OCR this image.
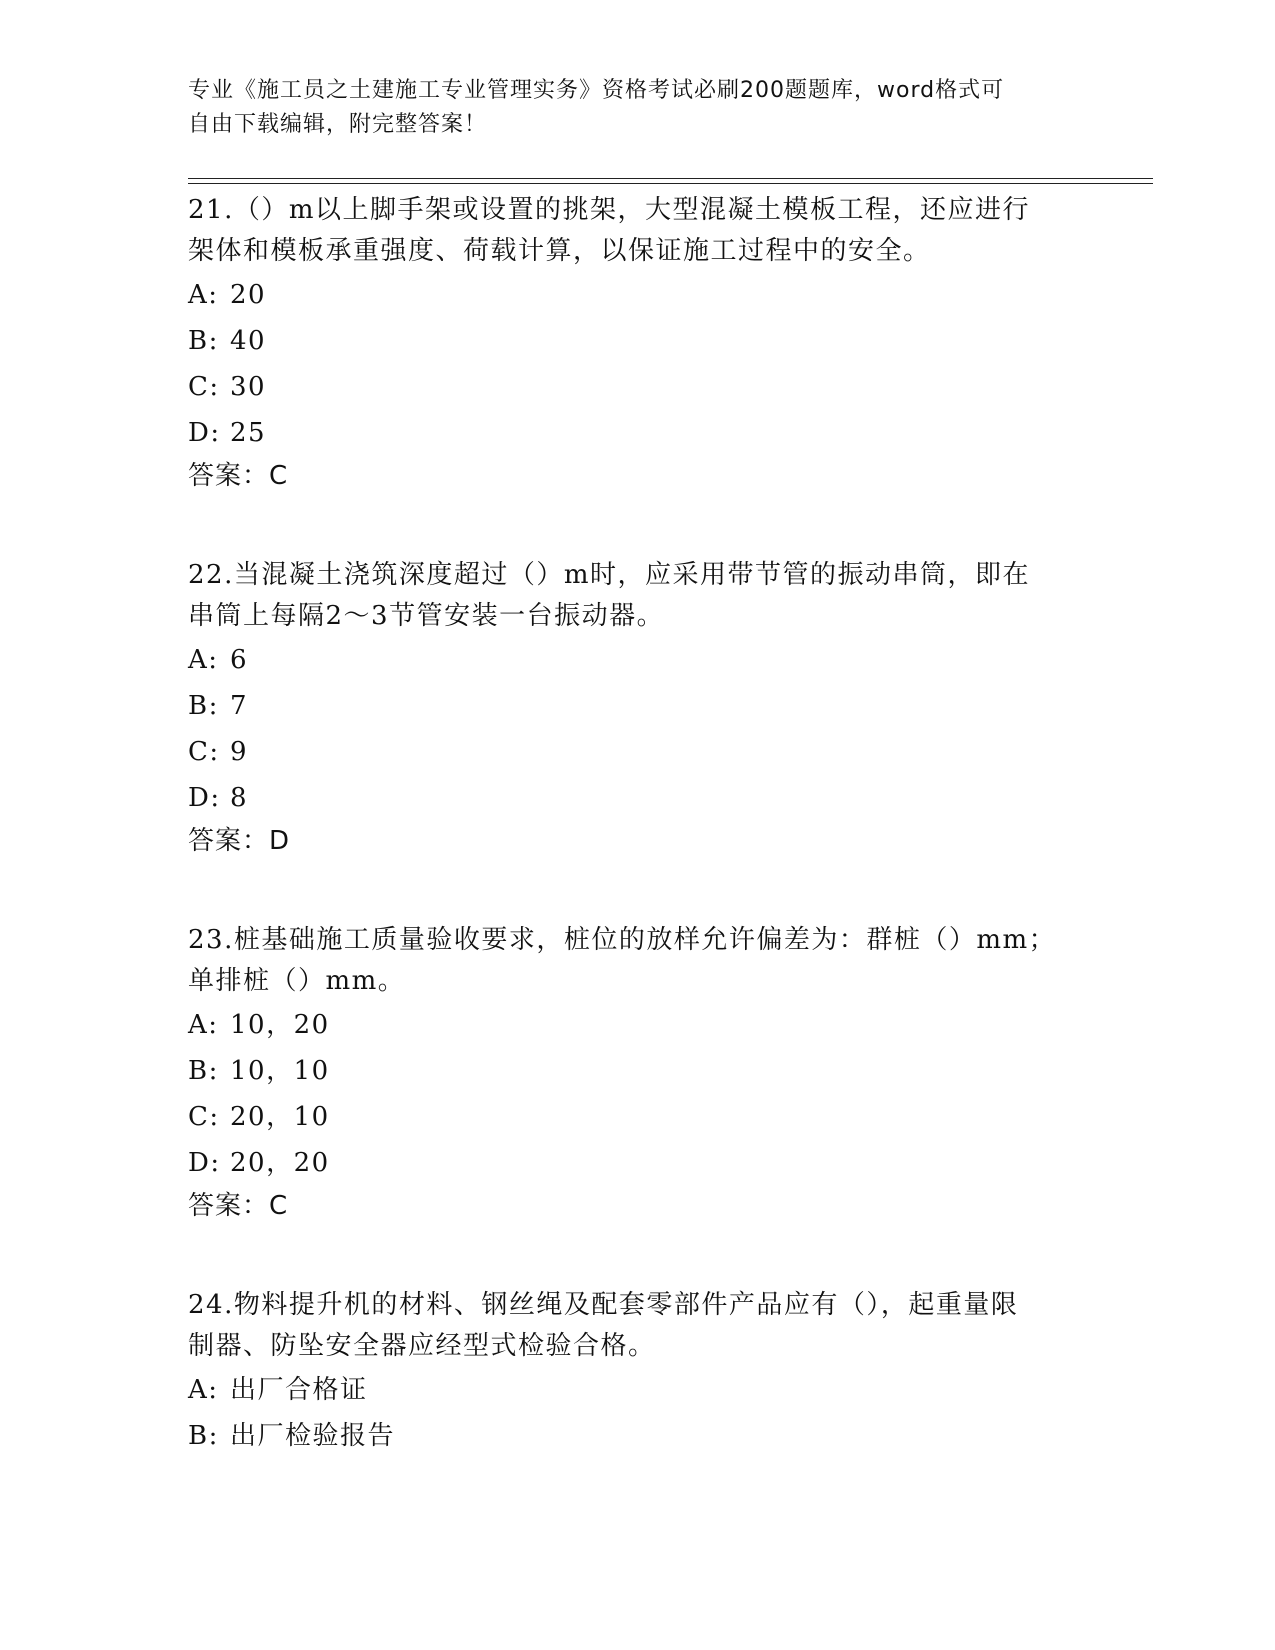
专业《施工员之土建施工专业管理实务》资格考试必刷200题题库，word格式可
自由下载编辑，附完整答案！
21.（）m以上脚手架或设置的挑架，大型混凝土模板工程，还应进行
架体和模板承重强度、荷载计算，以保证施工过程中的安全。
A: 20
B: 40
C: 30
D: 25
答案：C
22.当混凝土浇筑深度超过（）m时，应采用带节管的振动串筒，即在
串筒上每隔2～3节管安装一台振动器。
A: 6
B: 7
C: 9
D: 8
答案：D
23.桩基础施工质量验收要求，桩位的放样允许偏差为：群桩（）mm；
单排桩（）mm。
A: 10，20
B: 10，10
C: 20，10
D: 20，20
答案：C
24.物料提升机的材料、钢丝绳及配套零部件产品应有（），起重量限
制器、防坠安全器应经型式检验合格。
A: 出厂合格证
B: 出厂检验报告
